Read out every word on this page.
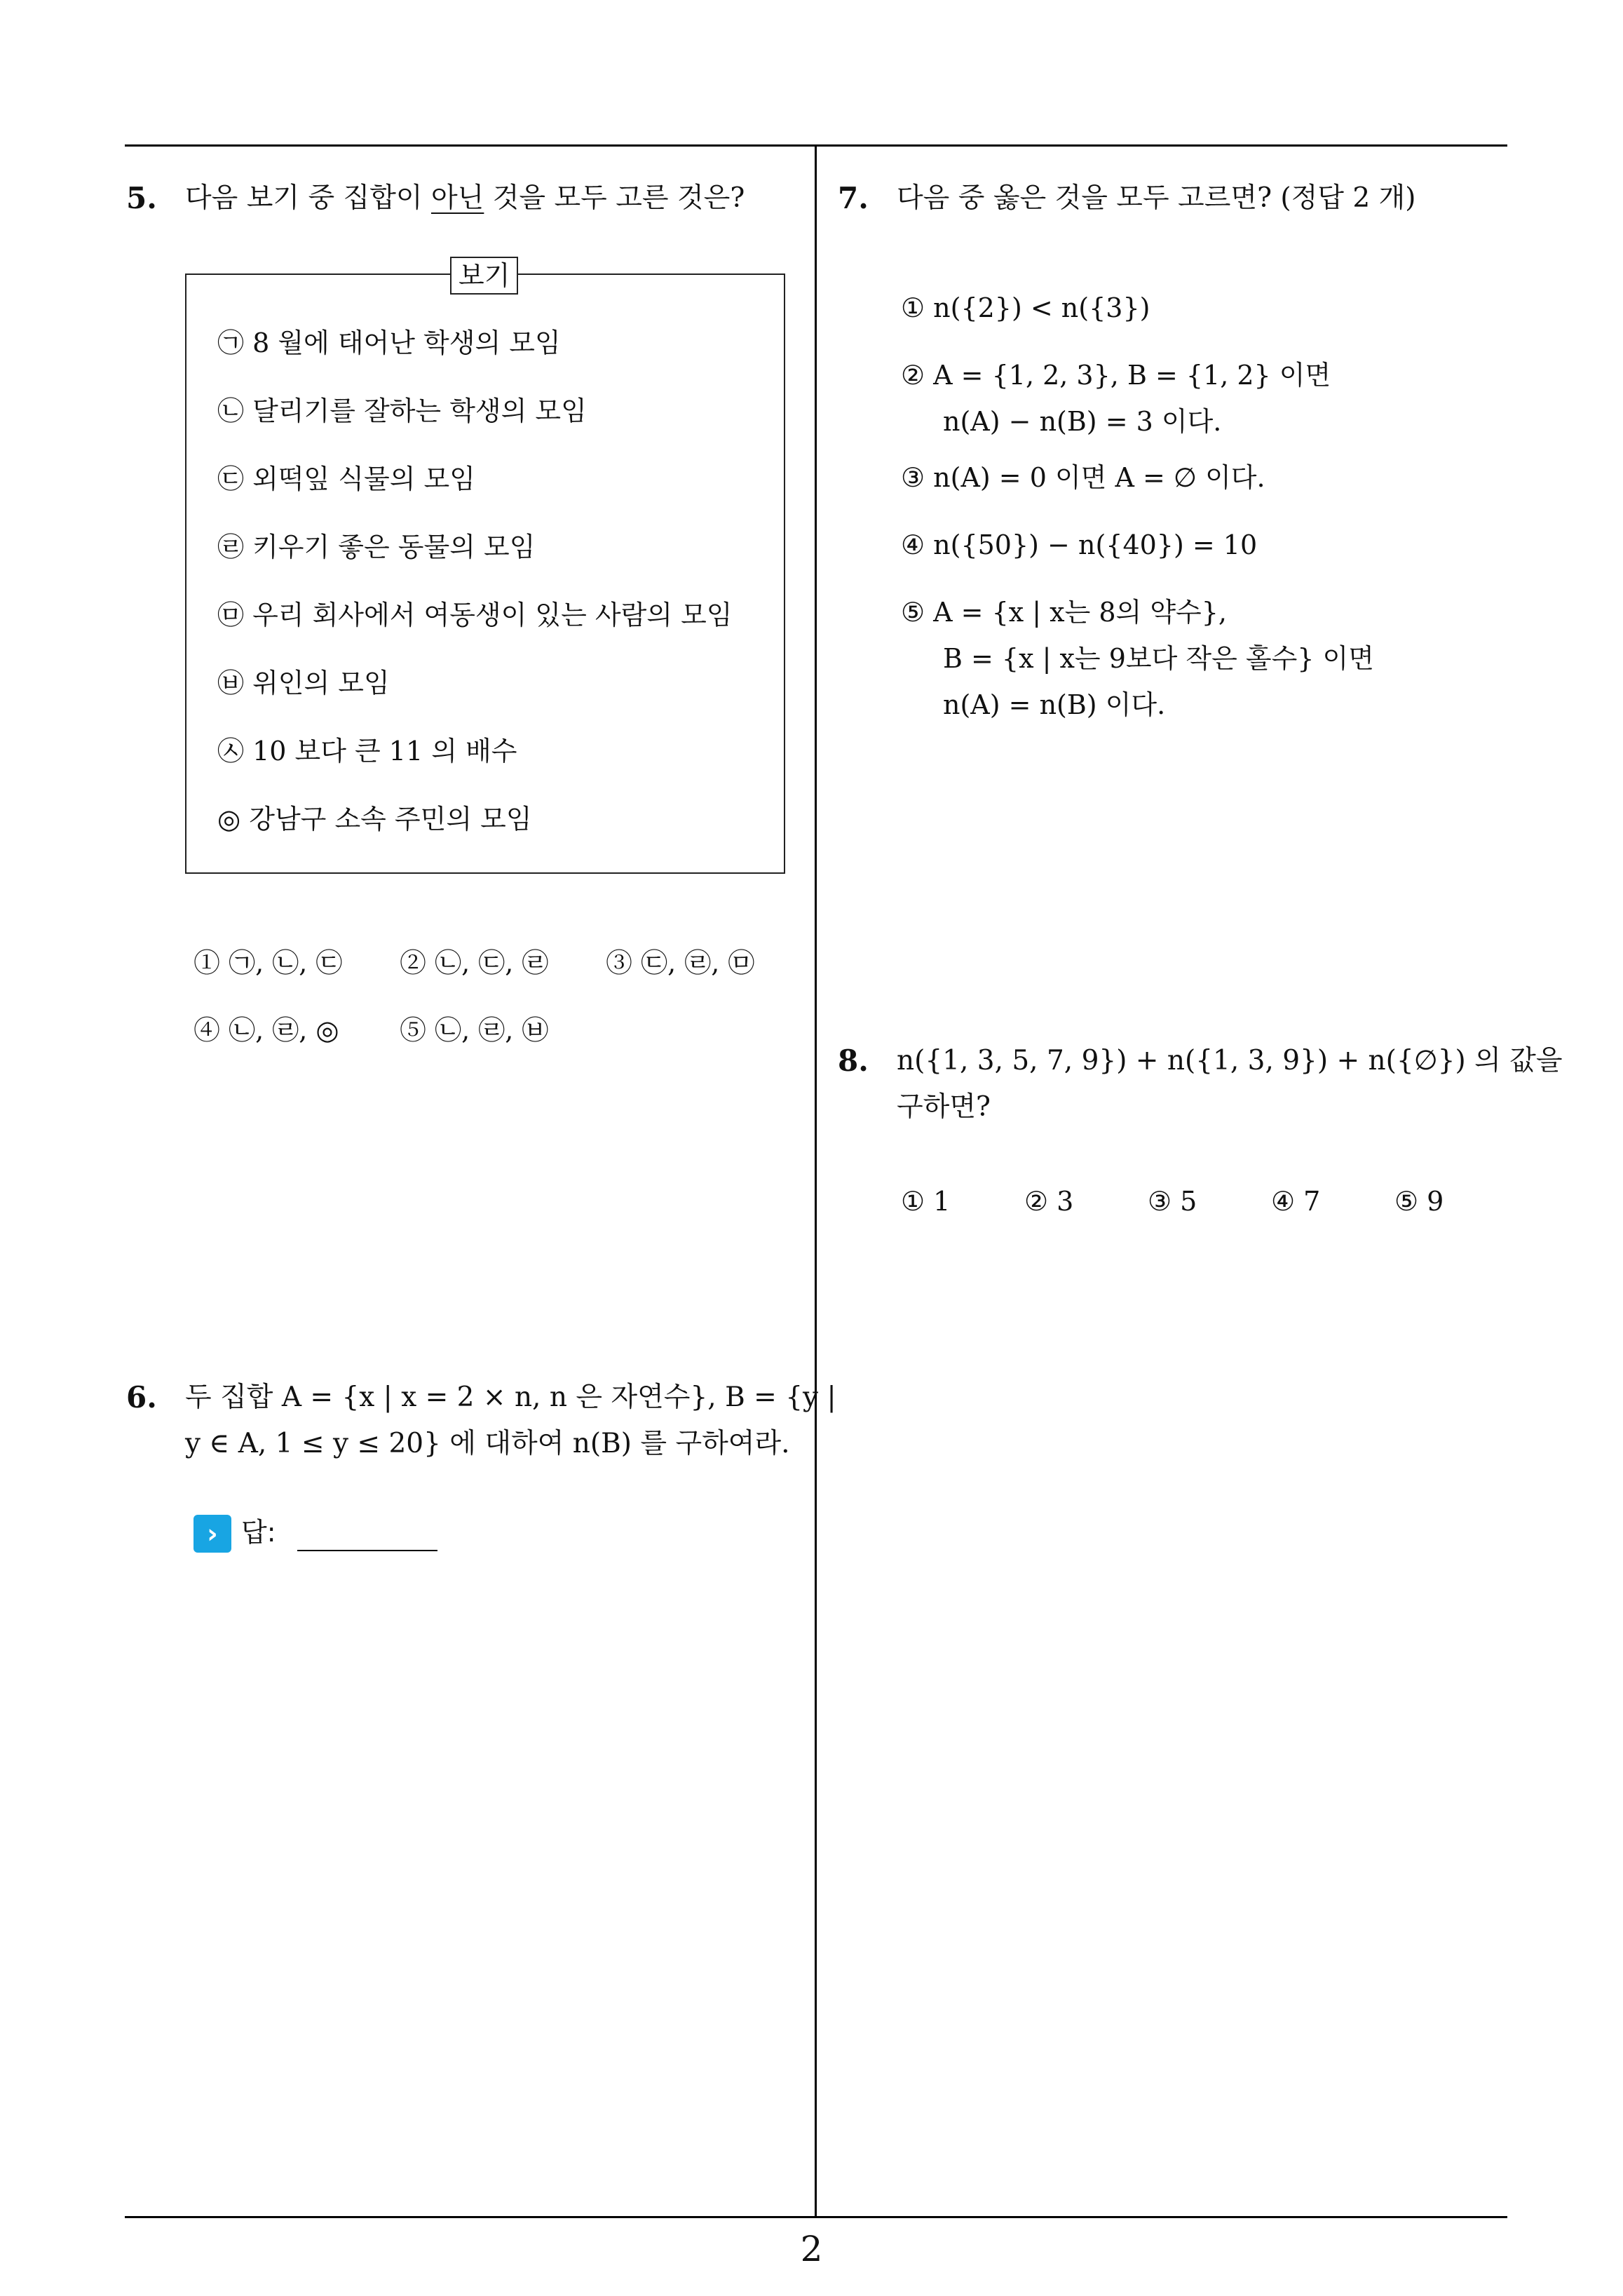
5. 다음 보기 중 집합이 아닌 것을 모두 고른 것은?
보기
㉠ 8 월에 태어난 학생의 모임
㉡ 달리기를 잘하는 학생의 모임
㉢ 외떡잎 식물의 모임
㉣ 키우기 좋은 동물의 모임
㉤ 우리 회사에서 여동생이 있는 사람의 모임
㉥ 위인의 모임
㉦ 10 보다 큰 11 의 배수
◎ 강남구 소속 주민의 모임
① ㉠, ㉡, ㉢ ② ㉡, ㉢, ㉣ ③ ㉢, ㉣, ㉤
④ ㉡, ㉣, ◎ ⑤ ㉡, ㉣, ㉥
6. 두 집합 A = {x | x = 2 × n, n 은 자연수}, B = {y |
y ∈ A, 1 ≤ y ≤ 20} 에 대하여 n(B) 를 구하여라.
› 답:
7. 다음 중 옳은 것을 모두 고르면? (정답 2 개)
① n({2}) < n({3})
② A = {1, 2, 3}, B = {1, 2} 이면
n(A) − n(B) = 3 이다.
③ n(A) = 0 이면 A = ∅ 이다.
④ n({50}) − n({40}) = 10
⑤ A = {x | x는 8의 약수},
B = {x | x는 9보다 작은 홀수} 이면
n(A) = n(B) 이다.
8. n({1, 3, 5, 7, 9}) + n({1, 3, 9}) + n({∅}) 의 값을
구하면?
① 1	② 3	③ 5	④ 7	⑤ 9
2
